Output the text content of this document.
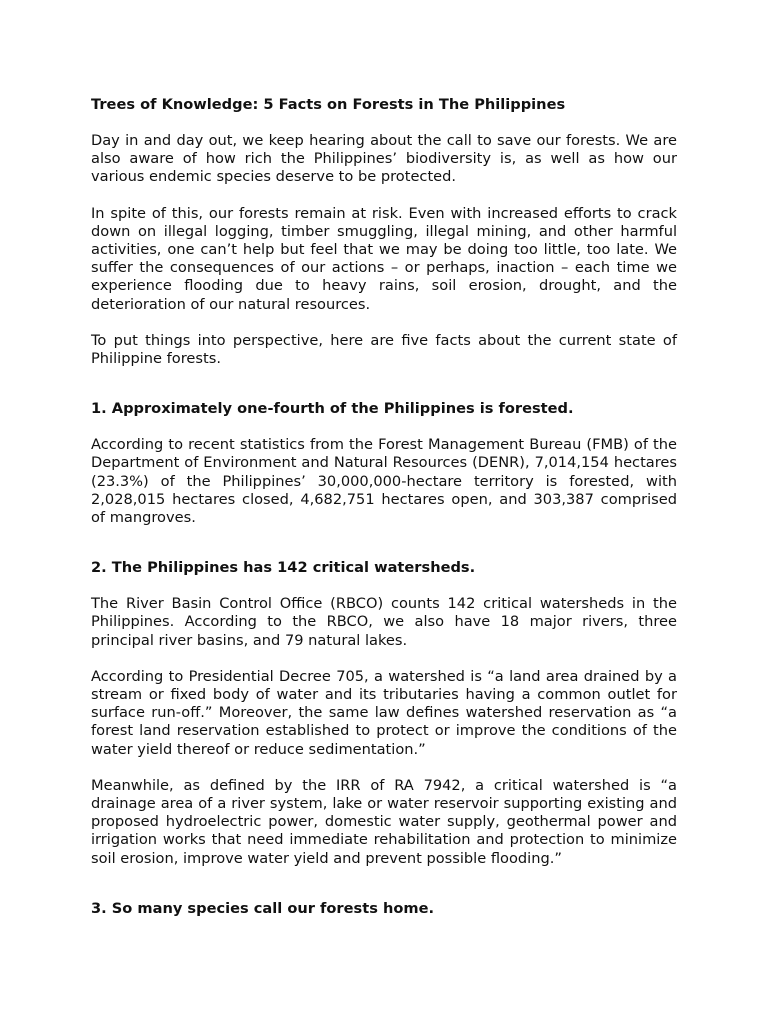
Trees of Knowledge: 5 Facts on Forests in The Philippines

Day in and day out, we keep hearing about the call to save our forests. We are also aware of how rich the Philippines’ biodiversity is, as well as how our various endemic species deserve to be protected.

In spite of this, our forests remain at risk. Even with increased efforts to crack down on illegal logging, timber smuggling, illegal mining, and other harmful activities, one can’t help but feel that we may be doing too little, too late. We suffer the consequences of our actions – or perhaps, inaction – each time we experience flooding due to heavy rains, soil erosion, drought, and the deterioration of our natural resources.

To put things into perspective, here are five facts about the current state of Philippine forests.

1. Approximately one-fourth of the Philippines is forested.

According to recent statistics from the Forest Management Bureau (FMB) of the Department of Environment and Natural Resources (DENR), 7,014,154 hectares (23.3%) of the Philippines’ 30,000,000-hectare territory is forested, with 2,028,015 hectares closed, 4,682,751 hectares open, and 303,387 comprised of mangroves.

2. The Philippines has 142 critical watersheds.

The River Basin Control Office (RBCO) counts 142 critical watersheds in the Philippines. According to the RBCO, we also have 18 major rivers, three principal river basins, and 79 natural lakes.

According to Presidential Decree 705, a watershed is “a land area drained by a stream or fixed body of water and its tributaries having a common outlet for surface run-off.” Moreover, the same law defines watershed reservation as “a forest land reservation established to protect or improve the conditions of the water yield thereof or reduce sedimentation.”

Meanwhile, as defined by the IRR of RA 7942, a critical watershed is “a drainage area of a river system, lake or water reservoir supporting existing and proposed hydroelectric power, domestic water supply, geothermal power and irrigation works that need immediate rehabilitation and protection to minimize soil erosion, improve water yield and prevent possible flooding.”

3. So many species call our forests home.
